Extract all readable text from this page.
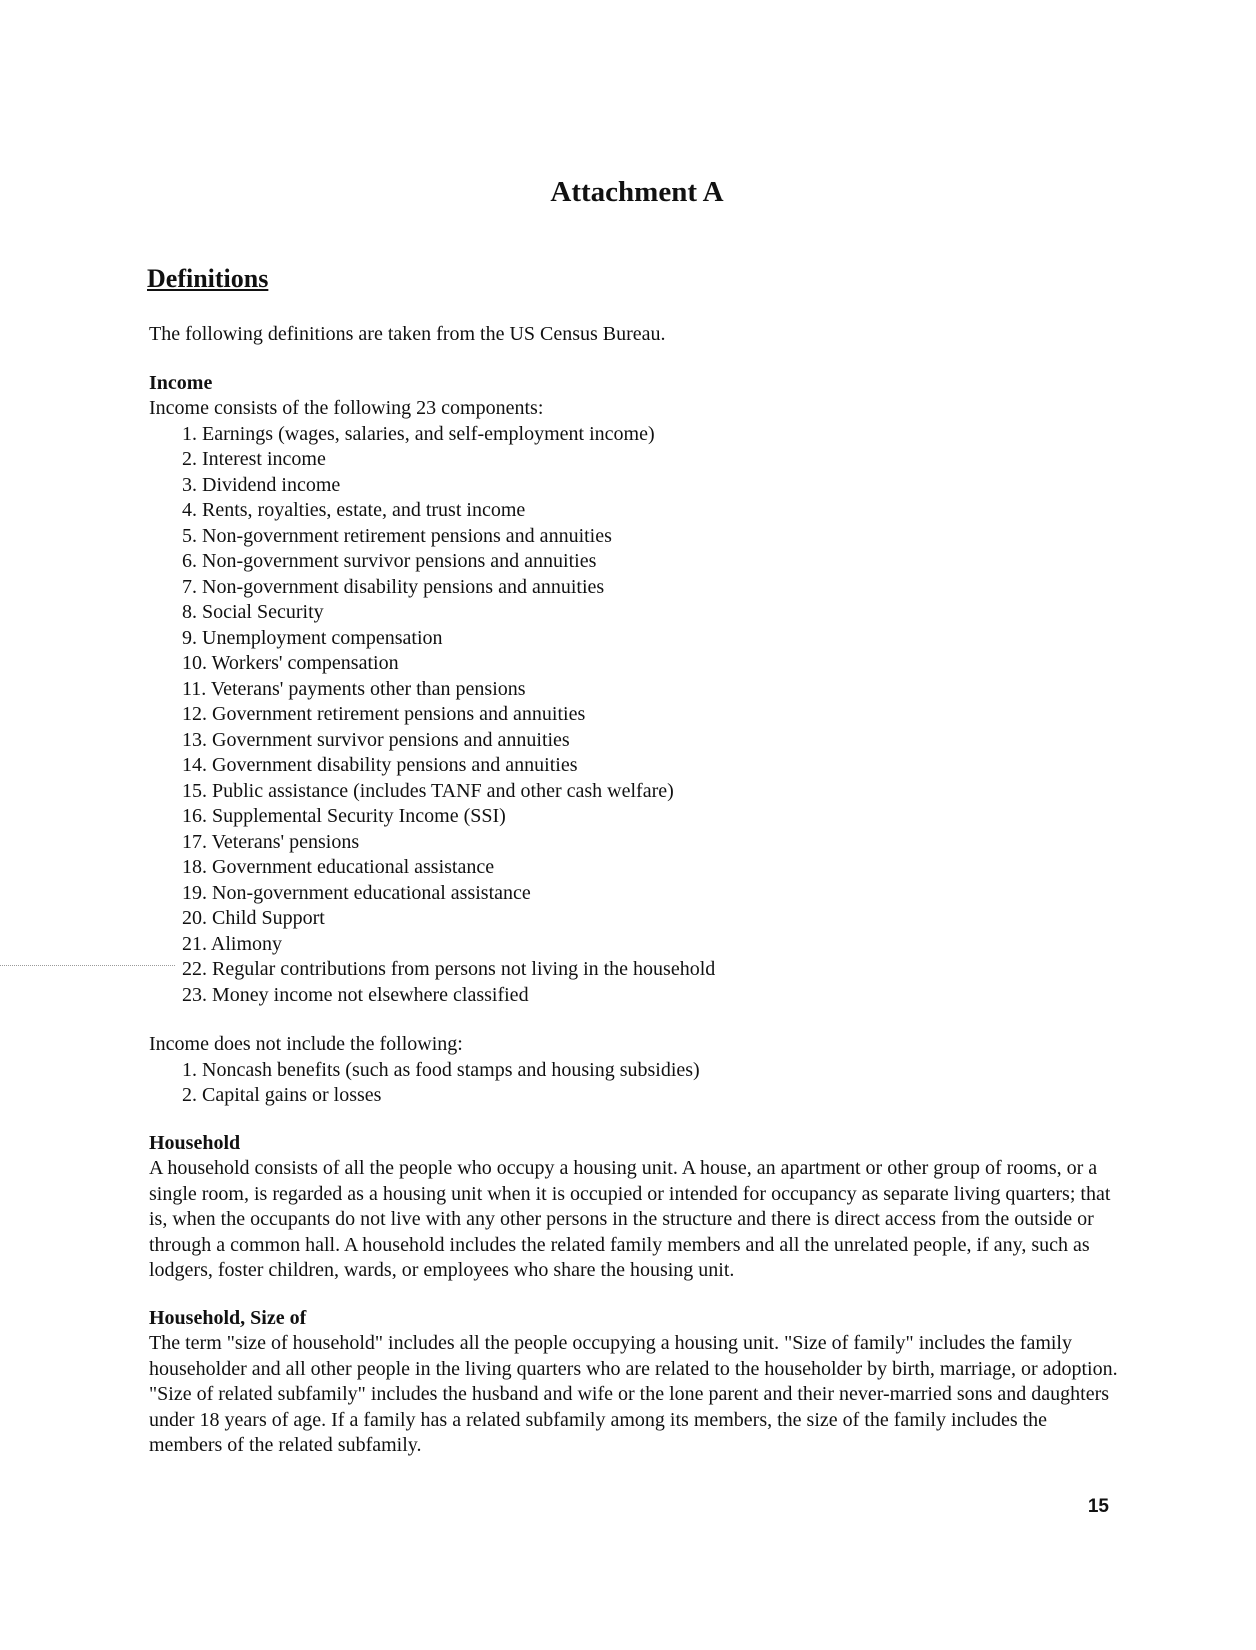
Attachment A
Definitions

The following definitions are taken from the US Census Bureau.

Income

Income consists of the following 23 components:

1. Earnings (wages, salaries, and self-employment income)
2. Interest income
3. Dividend income
4. Rents, royalties, estate, and trust income
5. Non-government retirement pensions and annuities
6. Non-government survivor pensions and annuities
7. Non-government disability pensions and annuities
8. Social Security
9. Unemployment compensation
10. Workers' compensation
11. Veterans' payments other than pensions
12. Government retirement pensions and annuities
13. Government survivor pensions and annuities
14. Government disability pensions and annuities
15. Public assistance (includes TANF and other cash welfare)
16. Supplemental Security Income (SSI)
17. Veterans' pensions
18. Government educational assistance
19. Non-government educational assistance
20. Child Support
21. Alimony
22. Regular contributions from persons not living in the household
23. Money income not elsewhere classified

Income does not include the following:

1. Noncash benefits (such as food stamps and housing subsidies)
2. Capital gains or losses

Household

A household consists of all the people who occupy a housing unit. A house, an apartment or other group of rooms, or a single room, is regarded as a housing unit when it is occupied or intended for occupancy as separate living quarters; that is, when the occupants do not live with any other persons in the structure and there is direct access from the outside or through a common hall. A household includes the related family members and all the unrelated people, if any, such as lodgers, foster children, wards, or employees who share the housing unit.

Household, Size of

The term "size of household" includes all the people occupying a housing unit. "Size of family" includes the family householder and all other people in the living quarters who are related to the householder by birth, marriage, or adoption. "Size of related subfamily" includes the husband and wife or the lone parent and their never-married sons and daughters under 18 years of age. If a family has a related subfamily among its members, the size of the family includes the members of the related subfamily.

15
